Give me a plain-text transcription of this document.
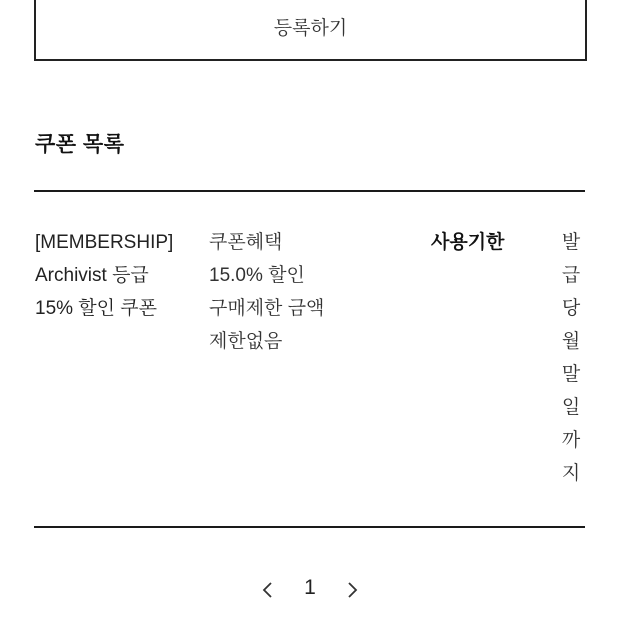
등록하기
쿠폰 목록
[MEMBERSHIP]
Archivist 등급
15% 할인 쿠폰
쿠폰혜택
15.0% 할인
구매제한 금액
제한없음
사용기한	발
급
당
월
말
일
까
지
1
